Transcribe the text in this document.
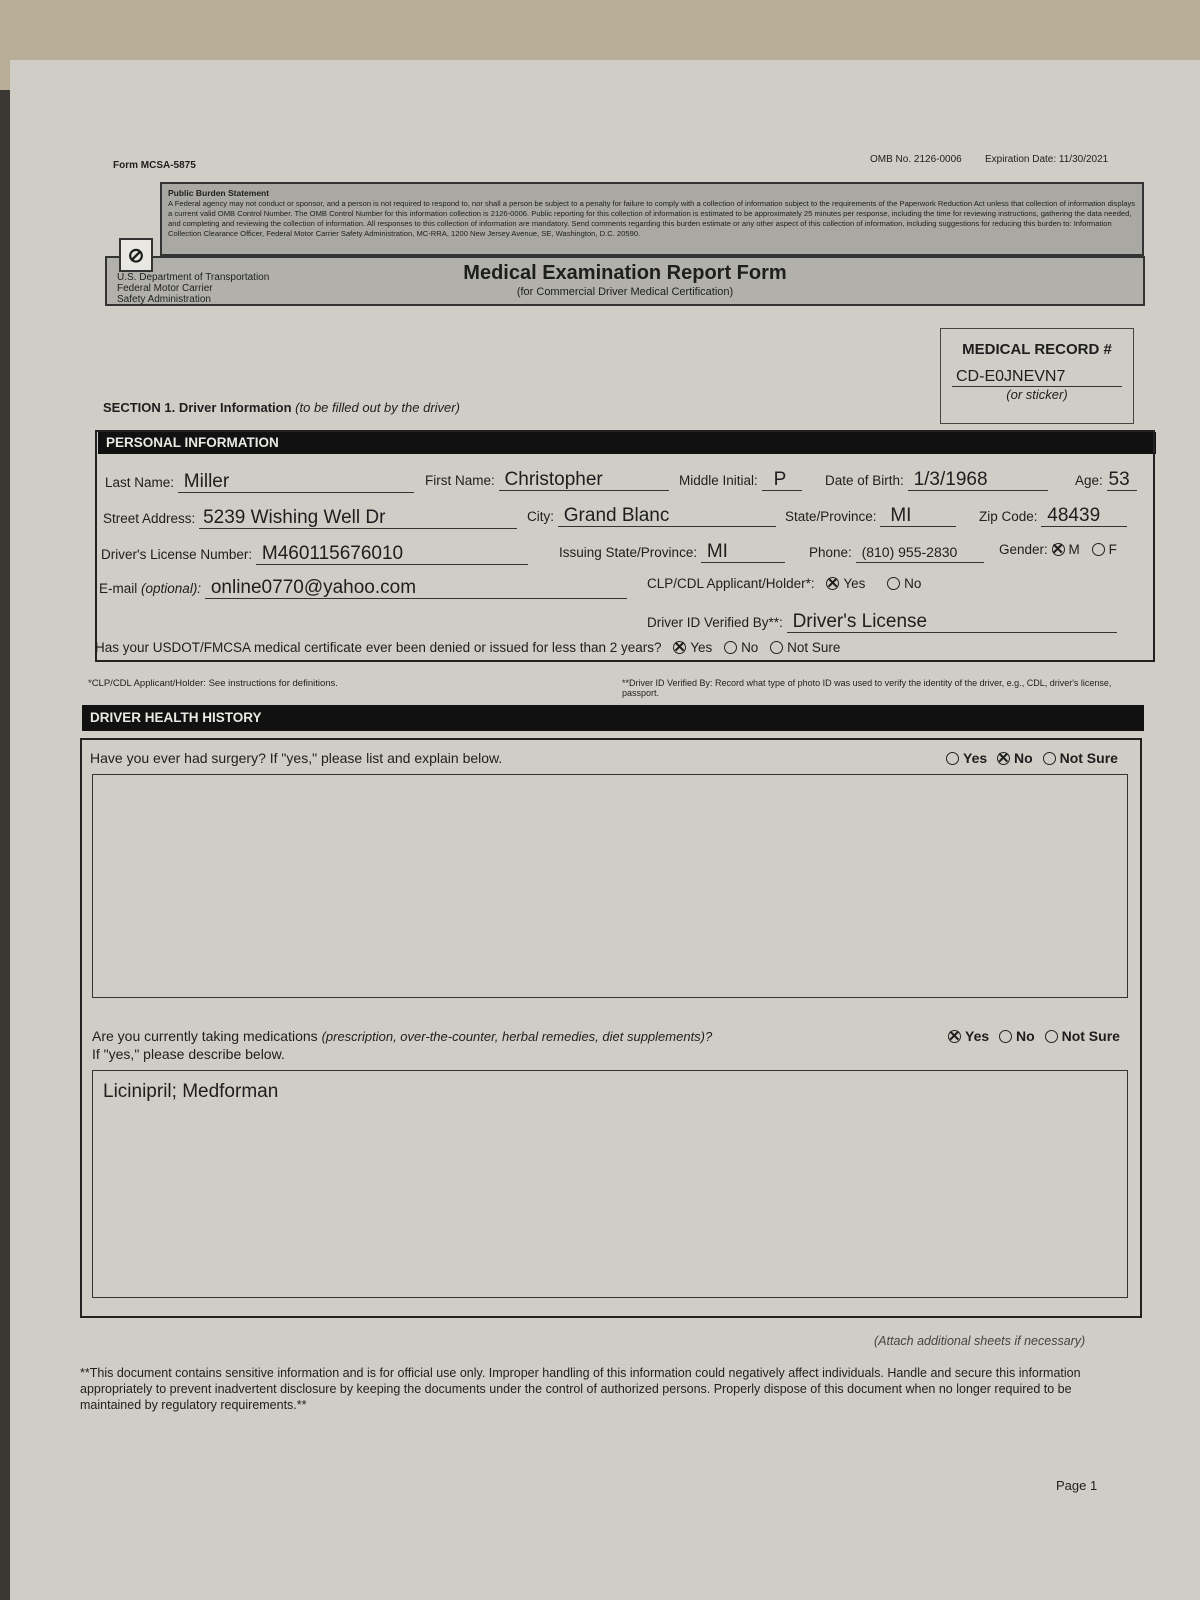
Form MCSA-5875
OMB No. 2126-0006 Expiration Date: 11/30/2021
Public Burden Statement
A Federal agency may not conduct or sponsor, and a person is not required to respond to, nor shall a person be subject to a penalty for failure to comply with a collection of information subject to the requirements of the Paperwork Reduction Act unless that collection of information displays a current valid OMB Control Number. The OMB Control Number for this information collection is 2126-0006. Public reporting for this collection of information is estimated to be approximately 25 minutes per response, including the time for reviewing instructions, gathering the data needed, and completing and reviewing the collection of information. All responses to this collection of information are mandatory. Send comments regarding this burden estimate or any other aspect of this collection of information, including suggestions for reducing this burden to: Information Collection Clearance Officer, Federal Motor Carrier Safety Administration, MC-RRA, 1200 New Jersey Avenue, SE, Washington, D.C. 20590.
⊘
U.S. Department of Transportation
Federal Motor Carrier
Safety Administration
Medical Examination Report Form
(for Commercial Driver Medical Certification)
MEDICAL RECORD #
CD-E0JNEVN7
(or sticker)
SECTION 1. Driver Information (to be filled out by the driver)
PERSONAL INFORMATION
Last Name: Miller	First Name: Christopher	Middle Initial: P	Date of Birth: 1/3/1968	Age: 53
Street Address: 5239 Wishing Well Dr	City: Grand Blanc	State/Province: MI	Zip Code: 48439
Driver's License Number: M460115676010	Issuing State/Province: MI	Phone: (810) 955-2830	Gender: ✕ M F
E-mail (optional): online0770@yahoo.com	CLP/CDL Applicant/Holder*: ✕ Yes	No
Driver ID Verified By**: Driver's License
Has your USDOT/FMCSA medical certificate ever been denied or issued for less than 2 years? ✕ Yes No Not Sure
*CLP/CDL Applicant/Holder: See instructions for definitions.	**Driver ID Verified By: Record what type of photo ID was used to verify the identity of the driver, e.g., CDL, driver's license, passport.
DRIVER HEALTH HISTORY
Have you ever had surgery? If "yes," please list and explain below.	Yes ✕ No Not Sure
Are you currently taking medications (prescription, over-the-counter, herbal remedies, diet supplements)?
If "yes," please describe below.
✕Yes No Not Sure
Licinipril; Medforman
(Attach additional sheets if necessary)
**This document contains sensitive information and is for official use only. Improper handling of this information could negatively affect individuals. Handle and secure this information appropriately to prevent inadvertent disclosure by keeping the documents under the control of authorized persons. Properly dispose of this document when no longer required to be maintained by regulatory requirements.**
Page 1
